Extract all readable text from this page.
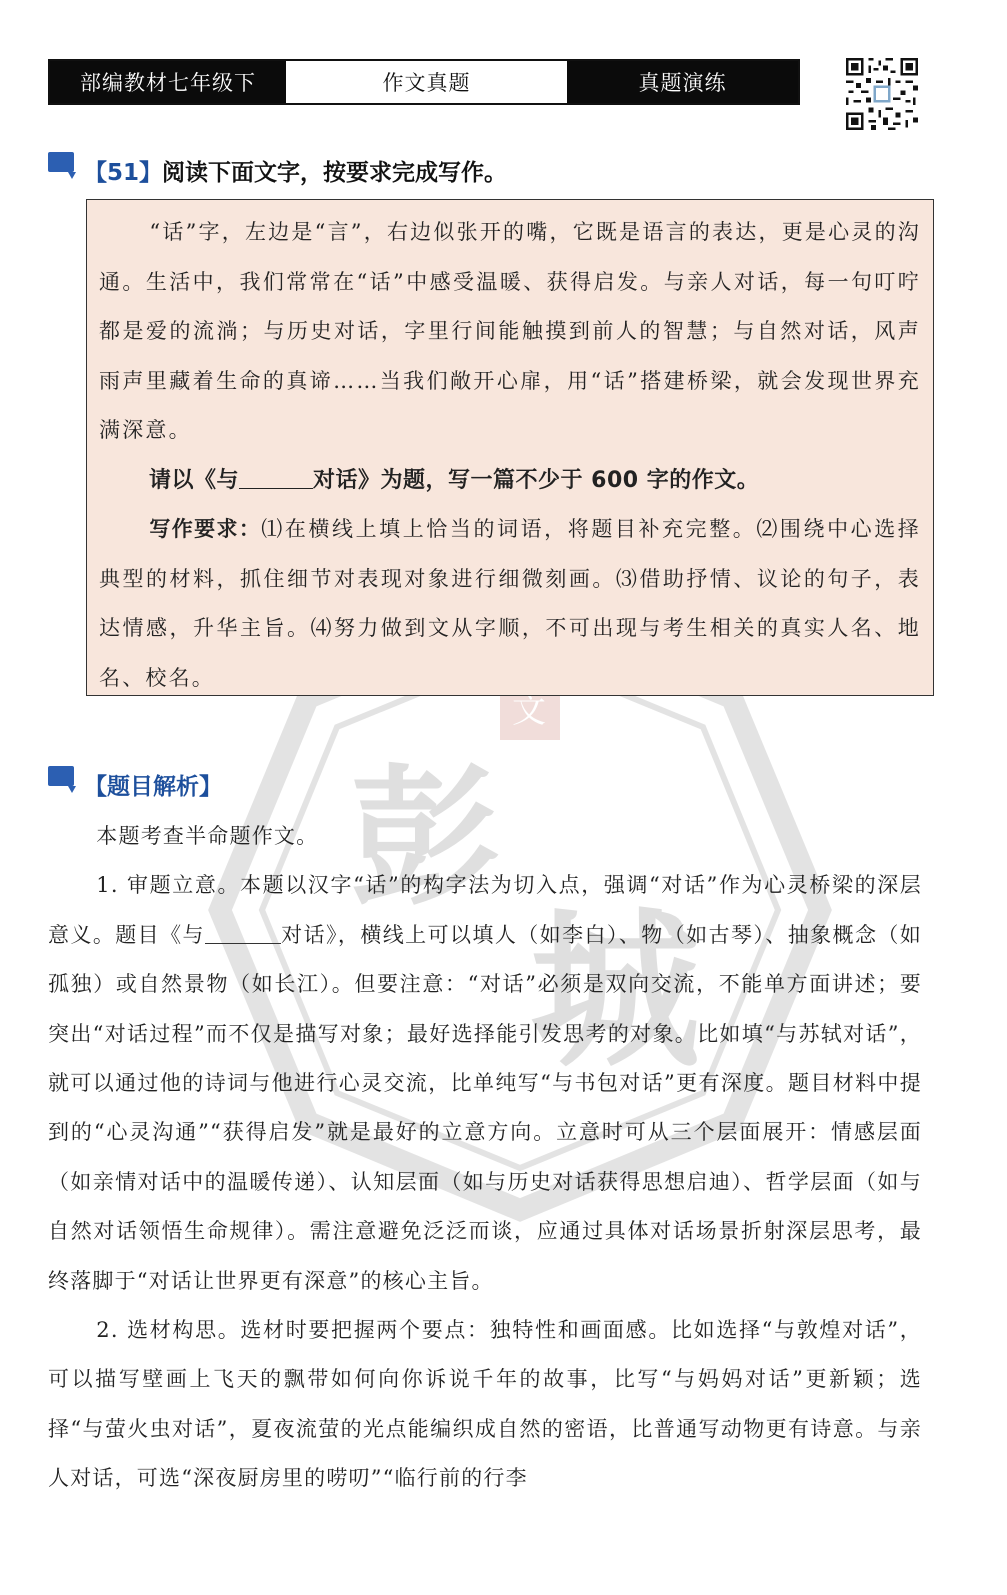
彭
城
文
部编教材七年级下	作文真题	真题演练
【51】 阅读下面文字，按要求完成写作。

“话”字，左边是“言”，右边似张开的嘴，它既是语言的表达，更是心灵的沟通。生活中，我们常常在“话”中感受温暖、获得启发。与亲人对话，每一句叮咛都是爱的流淌；与历史对话，字里行间能触摸到前人的智慧；与自然对话，风声雨声里藏着生命的真谛……当我们敞开心扉，用“话”搭建桥梁，就会发现世界充满深意。

请以《与	对话》为题，写一篇不少于 600 字的作文。

写作要求：⑴在横线上填上恰当的词语，将题目补充完整。⑵围绕中心选择典型的材料，抓住细节对表现对象进行细微刻画。⑶借助抒情、议论的句子，表达情感，升华主旨。⑷努力做到文从字顺，不可出现与考生相关的真实人名、地名、校名。

【题目解析】

本题考查半命题作文。

1. 审题立意。本题以汉字“话”的构字法为切入点，强调“对话”作为心灵桥梁的深层意义。题目《与	对话》，横线上可以填人（如李白）、物（如古琴）、抽象概念（如孤独）或自然景物（如长江）。但要注意：“对话”必须是双向交流，不能单方面讲述；要突出“对话过程”而不仅是描写对象；最好选择能引发思考的对象。比如填“与苏轼对话”，就可以通过他的诗词与他进行心灵交流，比单纯写“与书包对话”更有深度。题目材料中提到的“心灵沟通”“获得启发”就是最好的立意方向。立意时可从三个层面展开：情感层面（如亲情对话中的温暖传递）、认知层面（如与历史对话获得思想启迪）、哲学层面（如与自然对话领悟生命规律）。需注意避免泛泛而谈，应通过具体对话场景折射深层思考，最终落脚于“对话让世界更有深意”的核心主旨。

2. 选材构思。选材时要把握两个要点：独特性和画面感。比如选择“与敦煌对话”，可以描写壁画上飞天的飘带如何向你诉说千年的故事，比写“与妈妈对话”更新颖；选择“与萤火虫对话”，夏夜流萤的光点能编织成自然的密语，比普通写动物更有诗意。与亲人对话，可选“深夜厨房里的唠叨”“临行前的行李
